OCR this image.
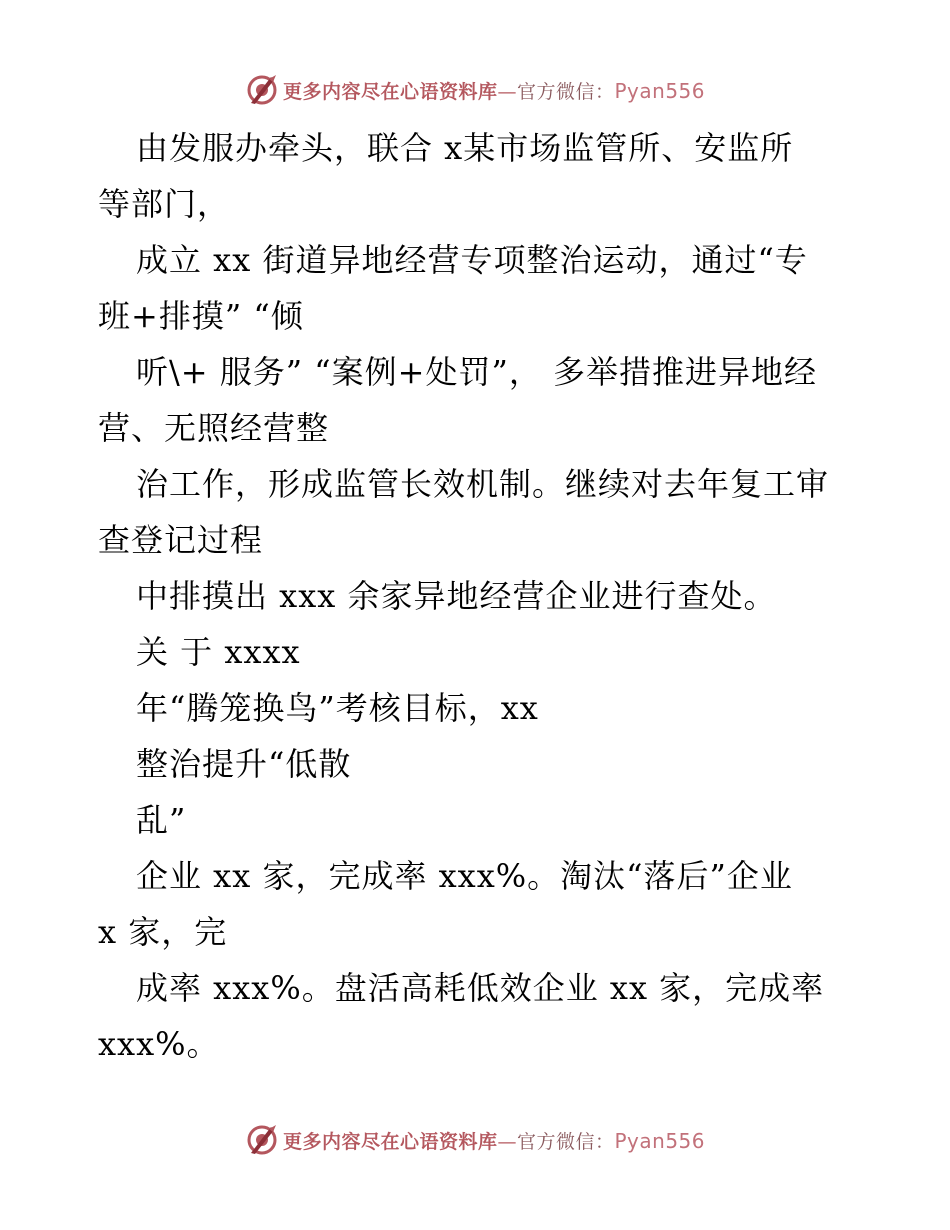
更多内容尽在心语资料库—官方微信：Pyan556
由发服办牵头，联合 x某市场监管所、安监所
等部门，
成立 xx 街道异地经营专项整治运动，通过“专
班+排摸” “倾
听\+ 服务” “案例+处罚”， 多举措推进异地经
营、无照经营整
治工作，形成监管长效机制。继续对去年复工审
查登记过程
中排摸出 xxx 余家异地经营企业进行查处。
关 于 xxxx
年“腾笼换鸟”考核目标，xx
整治提升“低散
乱”
企业 xx 家，完成率 xxx%。淘汰“落后”企业
x 家，完
成率 xxx%。盘活高耗低效企业 xx 家，完成率
xxx%。
更多内容尽在心语资料库—官方微信：Pyan556
